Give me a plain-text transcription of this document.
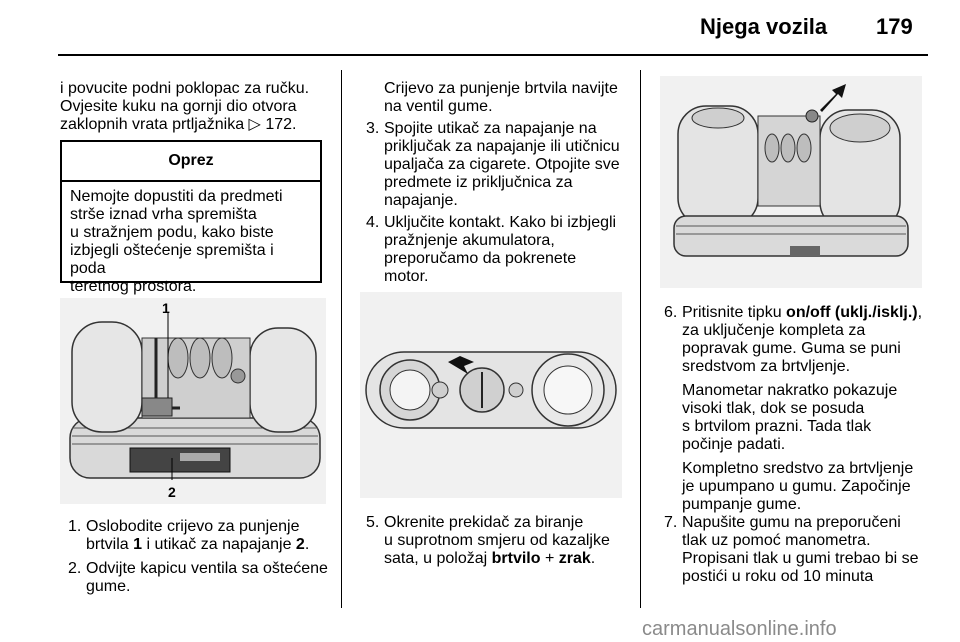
Njega vozila 179

i povucite podni poklopac za ručku.

Ovjesite kuku na gornji dio otvora

zaklopnih vrata prtljažnika ▷ 172.

Oprez
Nemojte dopustiti da predmeti
strše iznad vrha spremišta
u stražnjem podu, kako biste
izbjegli oštećenje spremišta i poda
teretnog prostora.
1
2
1. Oslobodite crijevo za punjenje

brtvila 1 i utikač za napajanje 2.

2. Odvijte kapicu ventila sa oštećene

gume.

Crijevo za punjenje brtvila navijte

na ventil gume.

3. Spojite utikač za napajanje na

priključak za napajanje ili utičnicu

upaljača za cigarete. Otpojite sve

predmete iz priključnica za

napajanje.

4. Uključite kontakt. Kako bi izbjegli

pražnjenje akumulatora,

preporučamo da pokrenete

motor.

5. Okrenite prekidač za biranje

u suprotnom smjeru od kazaljke

sata, u položaj brtvilo + zrak.

6. Pritisnite tipku on/off (uklj./isklj.),

za uključenje kompleta za

popravak gume. Guma se puni

sredstvom za brtvljenje.

Manometar nakratko pokazuje

visoki tlak, dok se posuda

s brtvilom prazni. Tada tlak

počinje padati.

Kompletno sredstvo za brtvljenje

je upumpano u gumu. Započinje

pumpanje gume.

7. Napušite gumu na preporučeni

tlak uz pomoć manometra.

Propisani tlak u gumi trebao bi se

postići u roku od 10 minuta

carmanualsonline.info
